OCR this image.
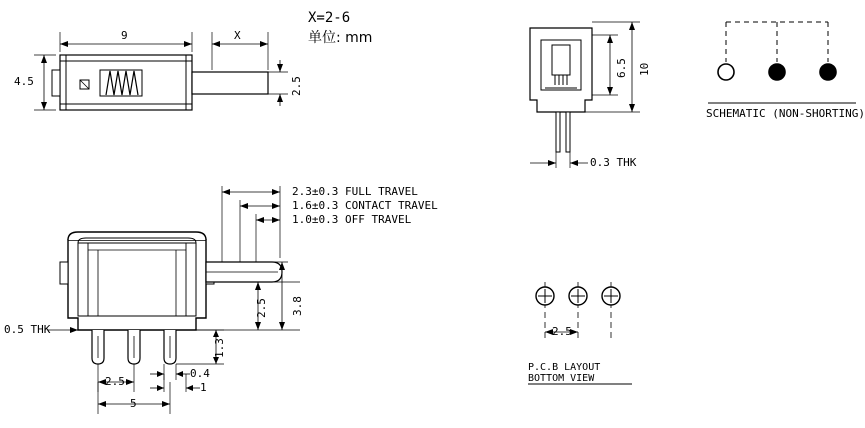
X=2-6
单位: mm
9	X
4.5	2.5
6.5 10
0.3 THK
SCHEMATIC (NON-SHORTING)
2.3±0.3 FULL TRAVEL
1.6±0.3 CONTACT TRAVEL
1.0±0.3 OFF TRAVEL
0.5 THK
2.5 3.8
1.3
0.4
1
2.5
5
2.5
P.C.B LAYOUT
BOTTOM VIEW
